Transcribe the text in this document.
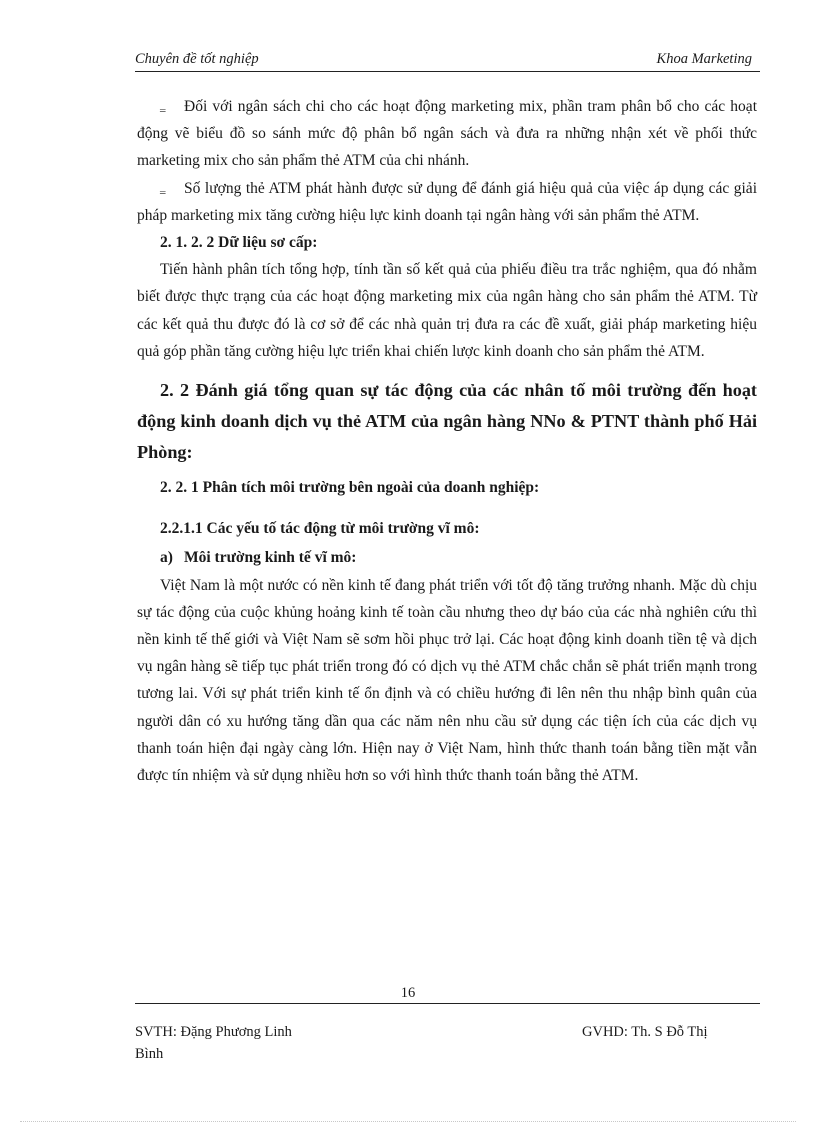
Chuyên đề tốt nghiệp	Khoa Marketing

‗ Đối với ngân sách chi cho các hoạt động marketing mix, phần tram phân bổ cho các hoạt động vẽ biểu đồ so sánh mức độ phân bổ ngân sách và đưa ra những nhận xét về phối thức marketing mix cho sản phẩm thẻ ATM của chi nhánh.

‗ Số lượng thẻ ATM phát hành được sử dụng để đánh giá hiệu quả của việc áp dụng các giải pháp marketing mix tăng cường hiệu lực kinh doanh tại ngân hàng với sản phẩm thẻ ATM.

2. 1. 2. 2 Dữ liệu sơ cấp:

Tiến hành phân tích tổng hợp, tính tần số kết quả của phiếu điều tra trắc nghiệm, qua đó nhằm biết được thực trạng của các hoạt động marketing mix của ngân hàng cho sản phẩm thẻ ATM. Từ các kết quả thu được đó là cơ sở để các nhà quản trị đưa ra các đề xuất, giải pháp marketing hiệu quả góp phần tăng cường hiệu lực triển khai chiến lược kinh doanh cho sản phẩm thẻ ATM.

2. 2 Đánh giá tổng quan sự tác động của các nhân tố môi trường đến hoạt động kinh doanh dịch vụ thẻ ATM của ngân hàng NNo & PTNT thành phố Hải Phòng:

2. 2. 1 Phân tích môi trường bên ngoài của doanh nghiệp:

2.2.1.1 Các yếu tố tác động từ môi trường vĩ mô:

a) Môi trường kinh tế vĩ mô:

Việt Nam là một nước có nền kinh tế đang phát triển với tốt độ tăng trưởng nhanh. Mặc dù chịu sự tác động của cuộc khủng hoảng kinh tế toàn cầu nhưng theo dự báo của các nhà nghiên cứu thì nền kinh tế thế giới và Việt Nam sẽ sơm hồi phục trở lại. Các hoạt động kinh doanh tiền tệ và dịch vụ ngân hàng sẽ tiếp tục phát triển trong đó có dịch vụ thẻ ATM chắc chắn sẽ phát triển mạnh trong tương lai. Với sự phát triển kinh tế ổn định và có chiều hướng đi lên nên thu nhập bình quân của người dân có xu hướng tăng dần qua các năm nên nhu cầu sử dụng các tiện ích của các dịch vụ thanh toán hiện đại ngày càng lớn. Hiện nay ở Việt Nam, hình thức thanh toán bằng tiền mặt vẫn được tín nhiệm và sử dụng nhiều hơn so với hình thức thanh toán bằng thẻ ATM.

16
SVTH: Đặng Phương Linh
Bình
GVHD: Th. S Đỗ Thị
